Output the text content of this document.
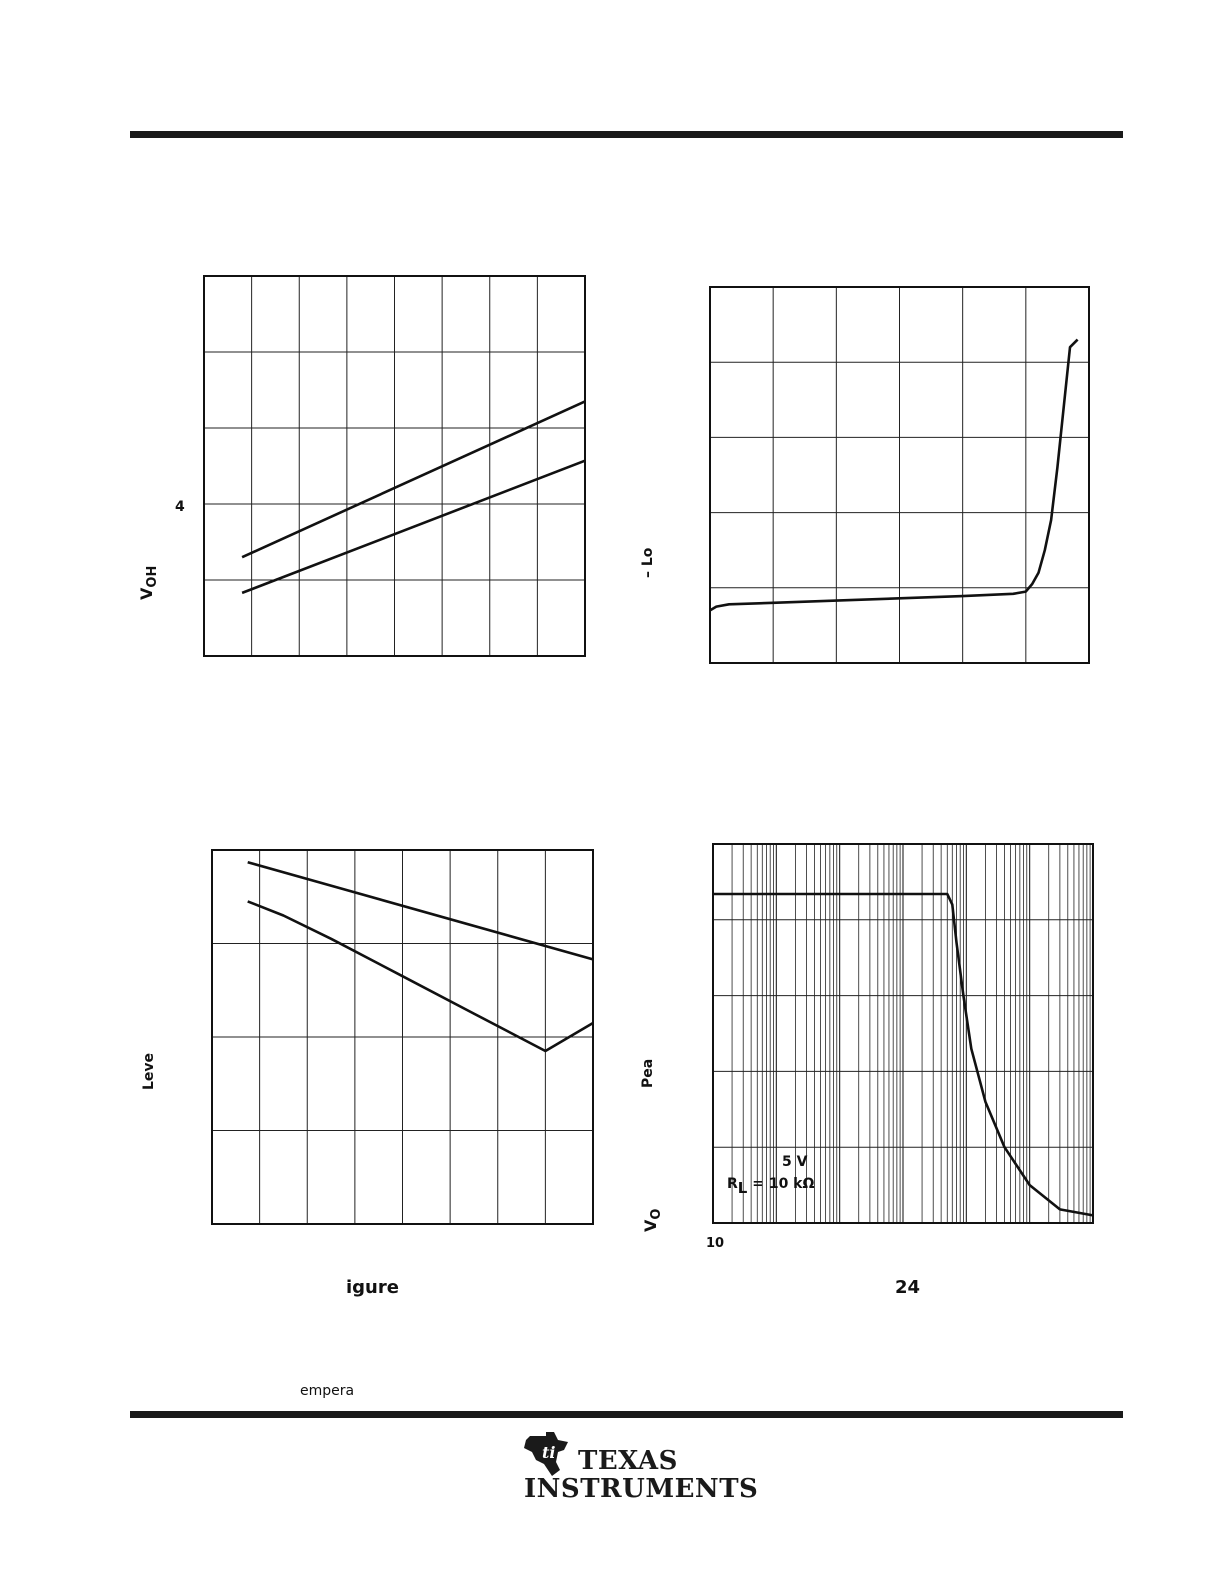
4
$V_{OH}$	– Lo
Leve	Pea
$V_O$
10
5 V
RL = 10 kΩ
igure	24
empera
ti TEXAS
INSTRUMENTS
